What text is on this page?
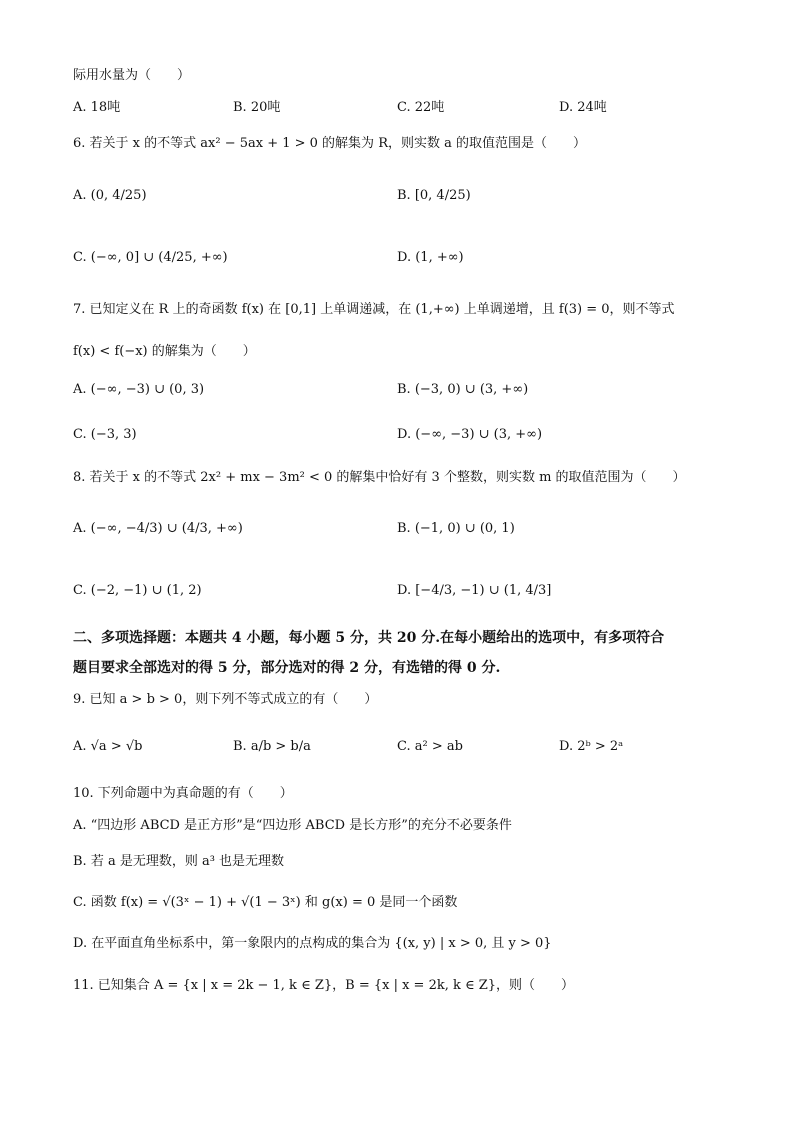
际用水量为（　　）
A. 18吨	B. 20吨	C. 22吨	D. 24吨
6. 若关于 x 的不等式 ax² − 5ax + 1 > 0 的解集为 R，则实数 a 的取值范围是（　　）
A. (0, 4/25)	B. [0, 4/25)
C. (−∞, 0] ∪ (4/25, +∞)	D. (1, +∞)
7. 已知定义在 R 上的奇函数 f(x) 在 [0,1] 上单调递减，在 (1,+∞) 上单调递增，且 f(3) = 0，则不等式
f(x) < f(−x) 的解集为（　　）
A. (−∞, −3) ∪ (0, 3)	B. (−3, 0) ∪ (3, +∞)
C. (−3, 3)	D. (−∞, −3) ∪ (3, +∞)
8. 若关于 x 的不等式 2x² + mx − 3m² < 0 的解集中恰好有 3 个整数，则实数 m 的取值范围为（　　）
A. (−∞, −4/3) ∪ (4/3, +∞)	B. (−1, 0) ∪ (0, 1)
C. (−2, −1) ∪ (1, 2)	D. [−4/3, −1) ∪ (1, 4/3]
二、多项选择题：本题共 4 小题，每小题 5 分，共 20 分.在每小题给出的选项中，有多项符合
题目要求全部选对的得 5 分，部分选对的得 2 分，有选错的得 0 分.
9. 已知 a > b > 0，则下列不等式成立的有（　　）
A. √a > √b	B. a/b > b/a	C. a² > ab	D. 2ᵇ > 2ᵃ
10. 下列命题中为真命题的有（　　）
A. “四边形 ABCD 是正方形”是“四边形 ABCD 是长方形”的充分不必要条件
B. 若 a 是无理数，则 a³ 也是无理数
C. 函数 f(x) = √(3ˣ − 1) + √(1 − 3ˣ) 和 g(x) = 0 是同一个函数
D. 在平面直角坐标系中，第一象限内的点构成的集合为 {(x, y) | x > 0, 且 y > 0}
11. 已知集合 A = {x | x = 2k − 1, k ∈ Z}，B = {x | x = 2k, k ∈ Z}，则（　　）
